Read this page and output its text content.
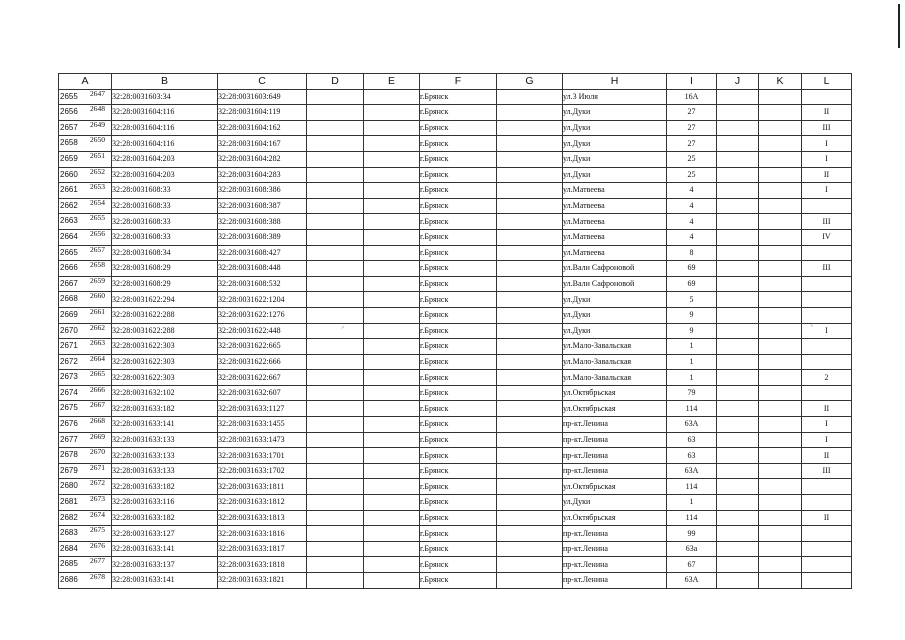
A	B	C	D	E	F	G	H	I	J	K	L

2655 2647	32:28:0031603:34	32:28:0031603:649			г.Брянск		ул.3 Июля	16А			

2656 2648	32:28:0031604:116	32:28:0031604:119			г.Брянск		ул.Дуки	27			II

2657 2649	32:28:0031604:116	32:28:0031604:162			г.Брянск		ул.Дуки	27			III

2658 2650	32:28:0031604:116	32:28:0031604:167			г.Брянск		ул.Дуки	27			I

2659 2651	32:28:0031604:203	32:28:0031604:282			г.Брянск		ул.Дуки	25			I

2660 2652	32:28:0031604:203	32:28:0031604:283			г.Брянск		ул.Дуки	25			II

2661 2653	32:28:0031608:33	32:28:0031608:386			г.Брянск		ул.Матвеева	4			I

2662 2654	32:28:0031608:33	32:28:0031608:387			г.Брянск		ул.Матвеева	4			

2663 2655	32:28:0031608:33	32:28:0031608:388			г.Брянск		ул.Матвеева	4			III

2664 2656	32:28:0031608:33	32:28:0031608:389			г.Брянск		ул.Матвеева	4			IV

2665 2657	32:28:0031608:34	32:28:0031608:427			г.Брянск		ул.Матвеева	8			

2666 2658	32:28:0031608:29	32:28:0031608:448			г.Брянск		ул.Вали Сафроновой	69			III

2667 2659	32:28:0031608:29	32:28:0031608:532			г.Брянск		ул.Вали Сафроновой	69			

2668 2660	32:28:0031622:294	32:28:0031622:1204			г.Брянск		ул.Дуки	5			

2669 2661	32:28:0031622:288	32:28:0031622:1276			г.Брянск		ул.Дуки	9			

2670 2662	32:28:0031622:288	32:28:0031622:448			г.Брянск		ул.Дуки	9			I

2671 2663	32:28:0031622:303	32:28:0031622:665			г.Брянск		ул.Мало-Завальская	1			

2672 2664	32:28:0031622:303	32:28:0031622:666			г.Брянск		ул.Мало-Завальская	1			

2673 2665	32:28:0031622:303	32:28:0031622:667			г.Брянск		ул.Мало-Завальская	1			2

2674 2666	32:28:0031632:102	32:28:0031632:607			г.Брянск		ул.Октябрьская	79			

2675 2667	32:28:0031633:182	32:28:0031633:1127			г.Брянск		ул.Октябрьская	114			II

2676 2668	32:28:0031633:141	32:28:0031633:1455			г.Брянск		пр-кт.Ленина	63А			I

2677 2669	32:28:0031633:133	32:28:0031633:1473			г.Брянск		пр-кт.Ленина	63			I

2678 2670	32:28:0031633:133	32:28:0031633:1701			г.Брянск		пр-кт.Ленина	63			II

2679 2671	32:28:0031633:133	32:28:0031633:1702			г.Брянск		пр-кт.Ленина	63А			III

2680 2672	32:28:0031633:182	32:28:0031633:1811			г.Брянск		ул.Октябрьская	114			

2681 2673	32:28:0031633:116	32:28:0031633:1812			г.Брянск		ул.Дуки	1			

2682 2674	32:28:0031633:182	32:28:0031633:1813			г.Брянск		ул.Октябрьская	114			II

2683 2675	32:28:0031633:127	32:28:0031633:1816			г.Брянск		пр-кт.Ленина	99			

2684 2676	32:28:0031633:141	32:28:0031633:1817			г.Брянск		пр-кт.Ленина	63а			

2685 2677	32:28:0031633:137	32:28:0031633:1818			г.Брянск		пр-кт.Ленина	67			

2686 2678	32:28:0031633:141	32:28:0031633:1821			г.Брянск		пр-кт.Ленина	63А			
⸝	⸜
